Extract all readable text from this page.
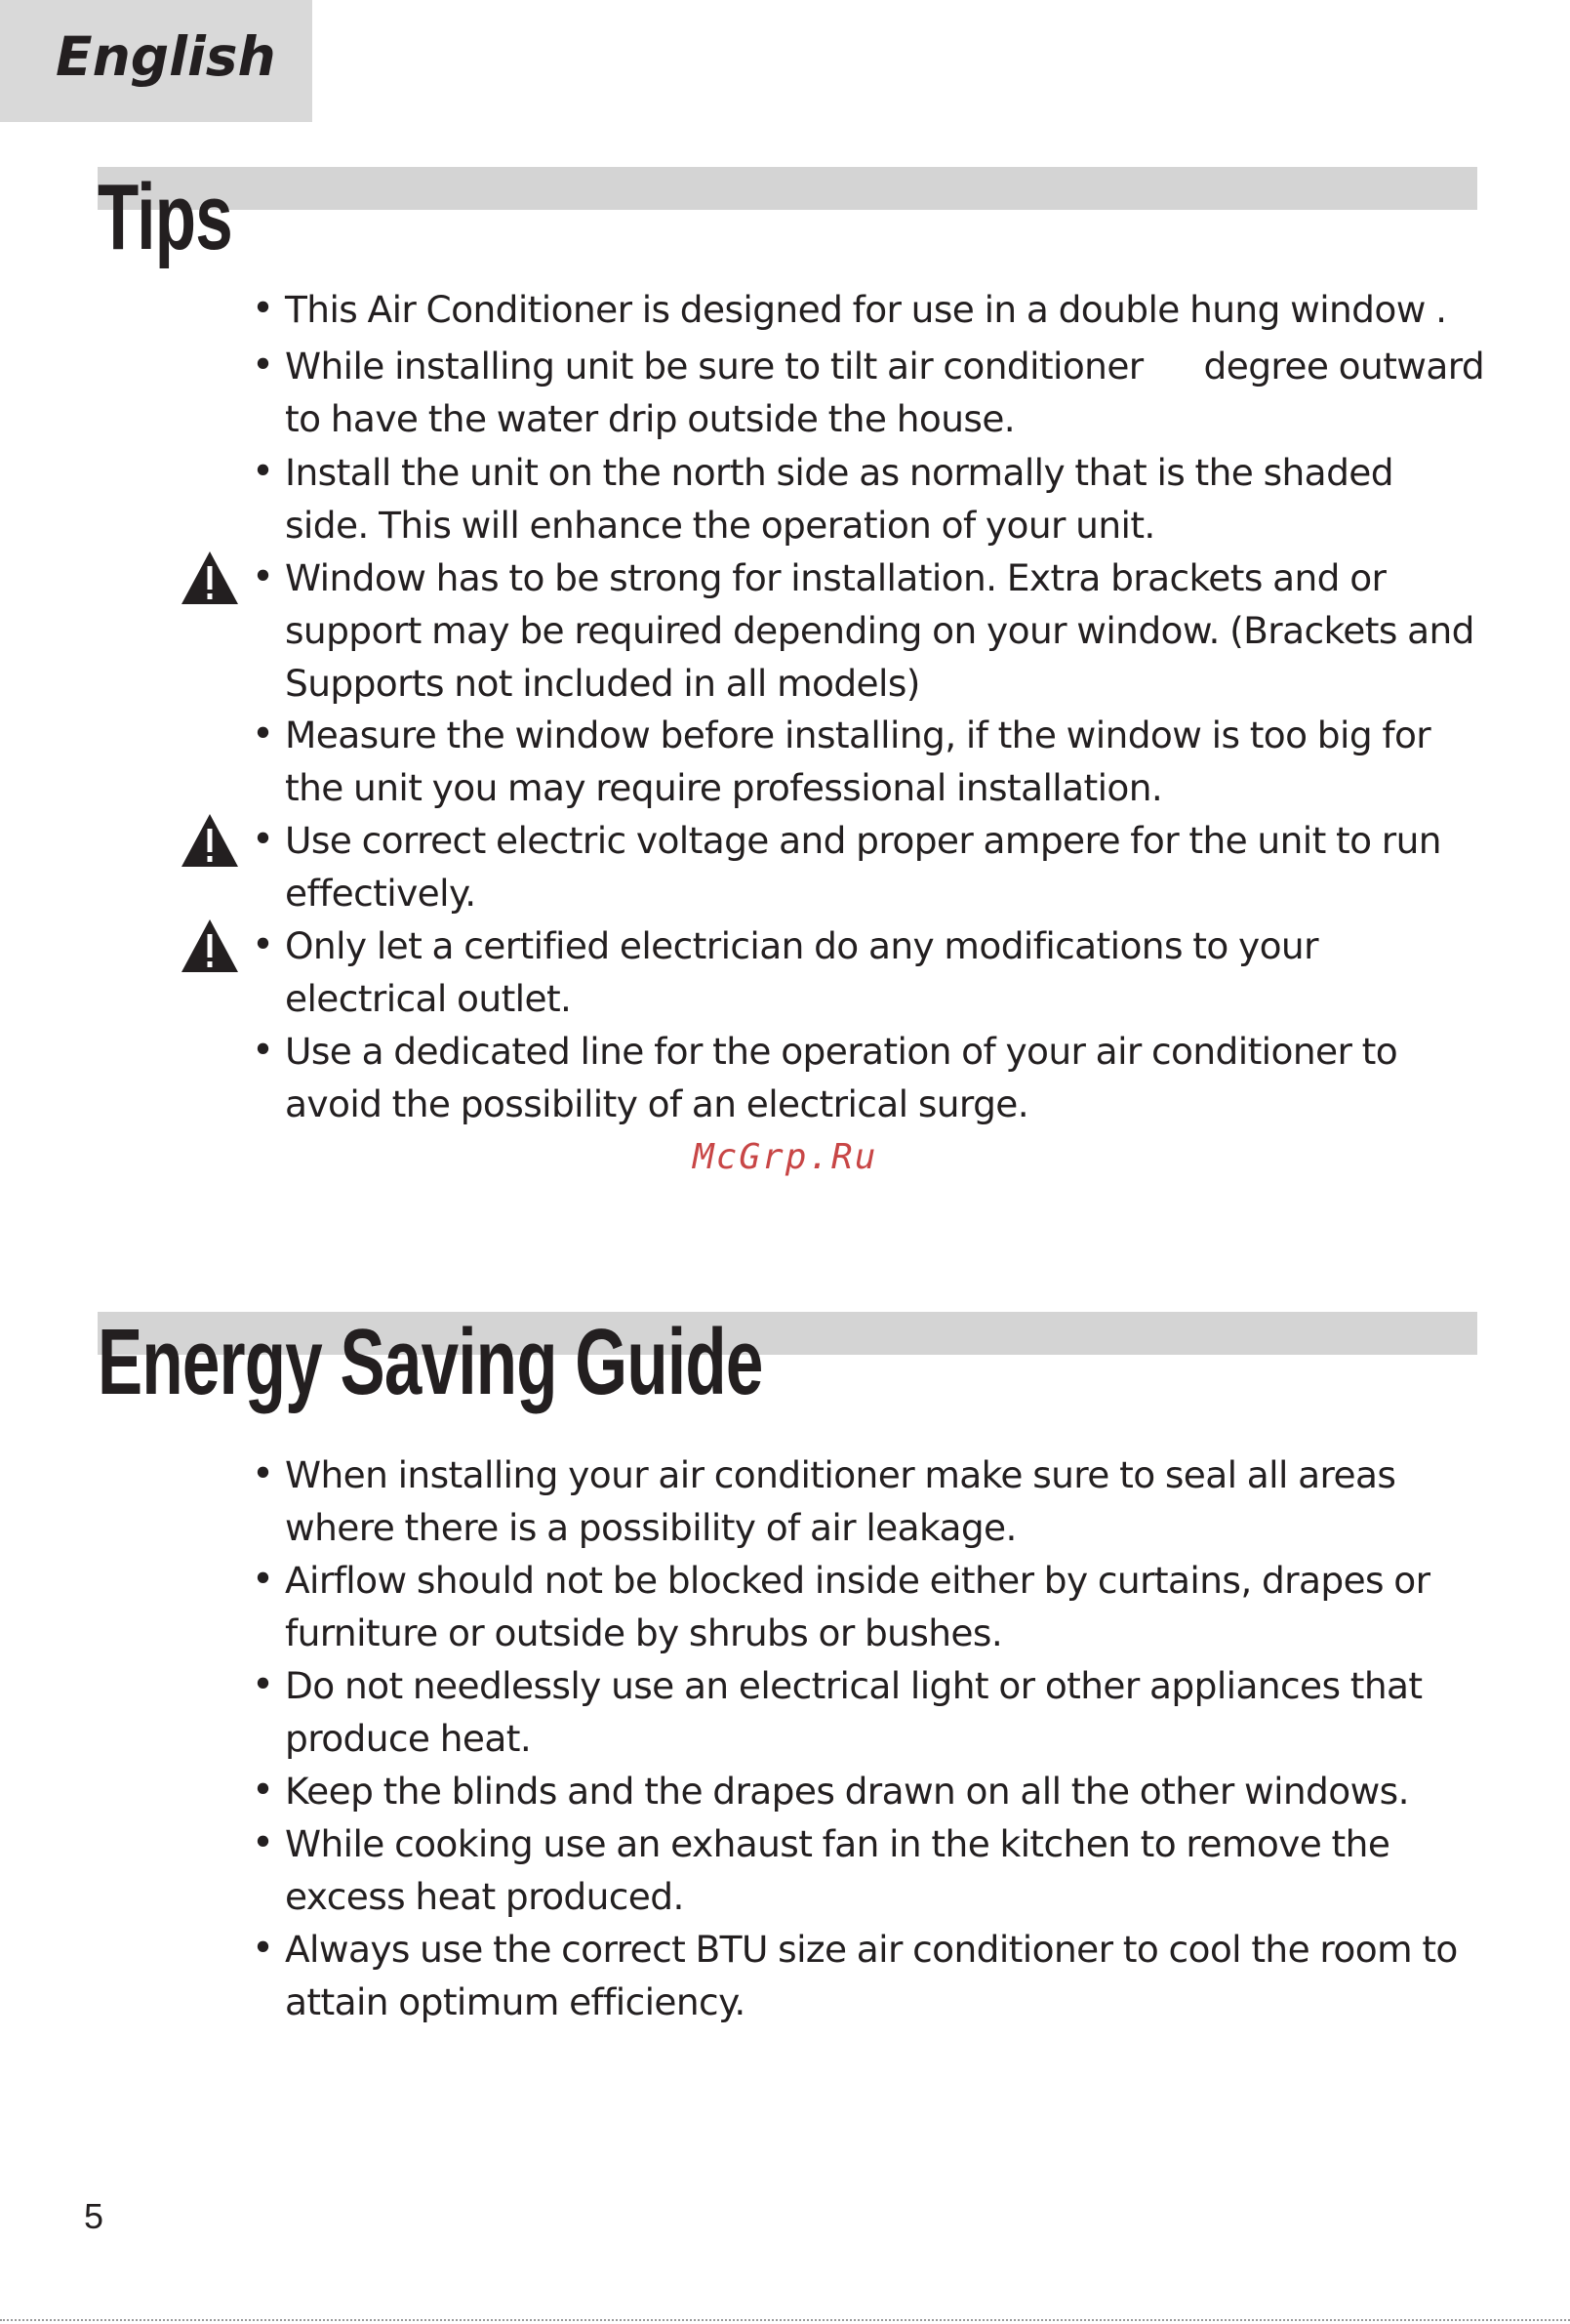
English
Tips
• This Air Conditioner is designed for use in a double hung window .
• While installing unit be sure to tilt air conditioner      degree outward to have the water drip outside the house.
• Install the unit on the north side as normally that is the shaded side. This will enhance the operation of your unit.
• Window has to be strong for installation. Extra brackets and or support may be required depending on your window. (Brackets and Supports not included in all models)
• Measure the window before installing, if the window is too big for the unit you may require professional installation.
• Use correct electric voltage and proper ampere for the unit to run effectively.
• Only let a certified electrician do any modifications to your electrical outlet.
• Use a dedicated line for the operation of your air conditioner to avoid the possibility of an electrical surge.
McGrp.Ru
Energy Saving Guide
• When installing your air conditioner make sure to seal all areas where there is a possibility of air leakage.
• Airflow should not be blocked inside either by curtains, drapes or furniture or outside by shrubs or bushes.
• Do not needlessly use an electrical light or other appliances that produce heat.
• Keep the blinds and the drapes drawn on all the other windows.
• While cooking use an exhaust fan in the kitchen to remove the excess heat produced.
• Always use the correct BTU size air conditioner to cool the room to attain optimum efficiency.
5
